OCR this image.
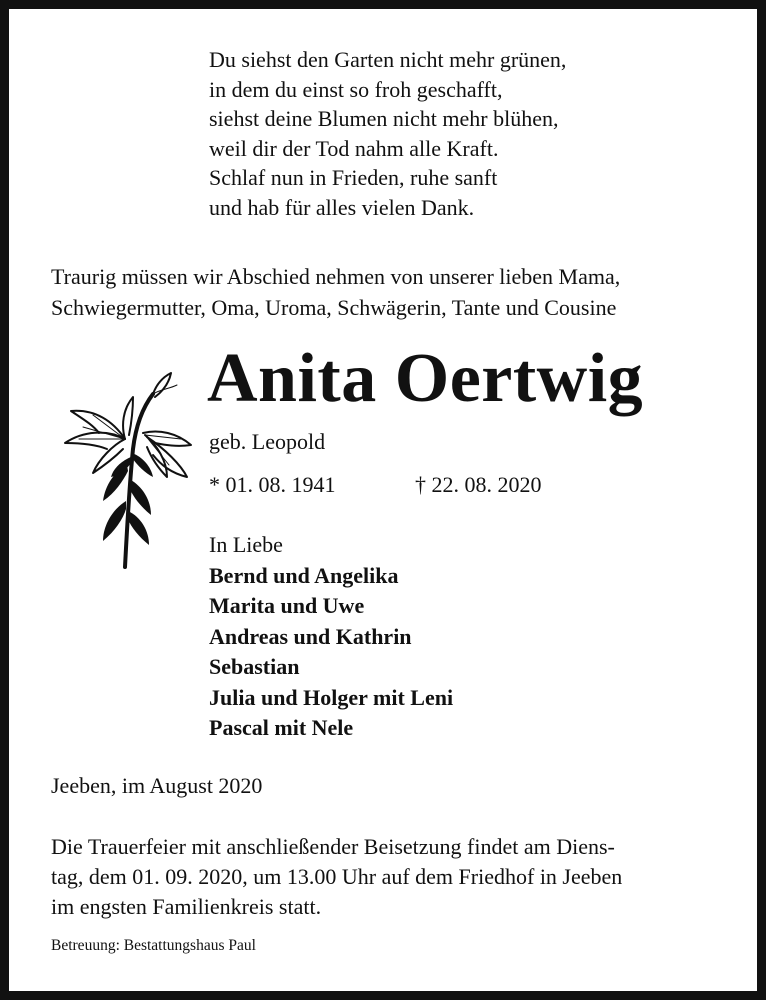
Du siehst den Garten nicht mehr grünen,
in dem du einst so froh geschafft,
siehst deine Blumen nicht mehr blühen,
weil dir der Tod nahm alle Kraft.
Schlaf nun in Frieden, ruhe sanft
und hab für alles vielen Dank.
Traurig müssen wir Abschied nehmen von unserer lieben Mama,
Schwiegermutter, Oma, Uroma, Schwägerin, Tante und Cousine
Anita Oertwig
geb. Leopold
* 01. 08. 1941	† 22. 08. 2020
In Liebe
Bernd und Angelika
Marita und Uwe
Andreas und Kathrin
Sebastian
Julia und Holger mit Leni
Pascal mit Nele
Jeeben, im August 2020
Die Trauerfeier mit anschließender Beisetzung findet am Diens-
tag, dem 01. 09. 2020, um 13.00 Uhr auf dem Friedhof in Jeeben
im engsten Familienkreis statt.
Betreuung: Bestattungshaus Paul
